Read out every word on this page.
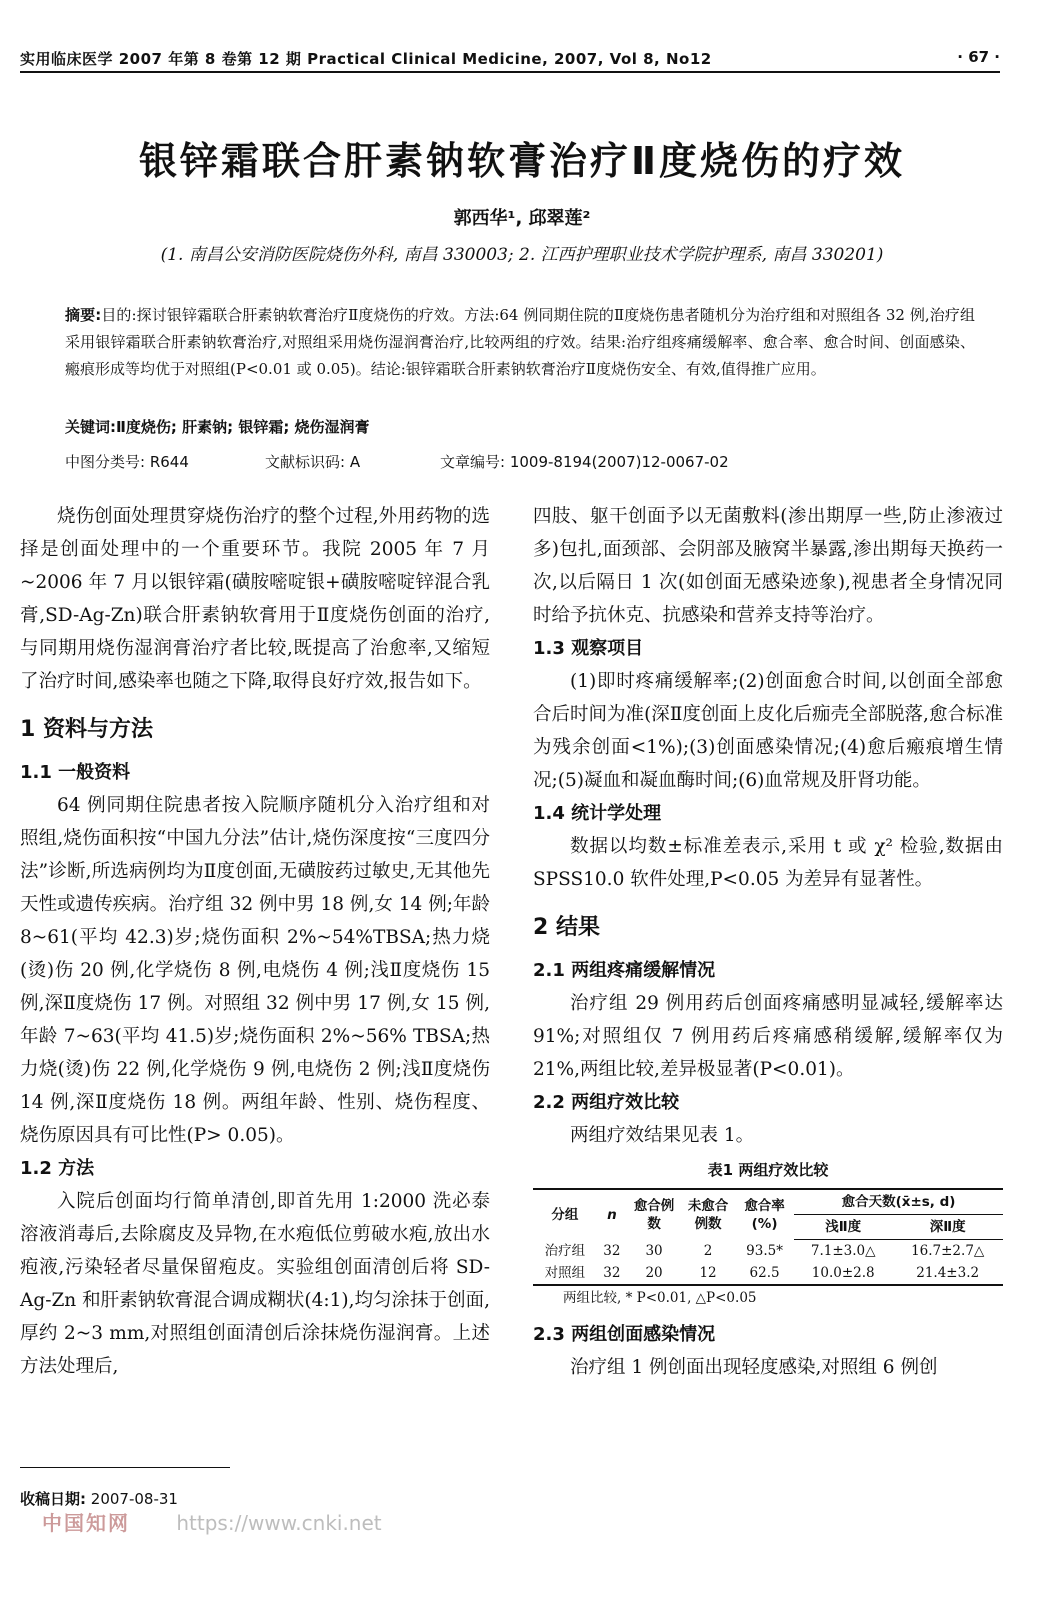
实用临床医学 2007 年第 8 卷第 12 期 Practical Clinical Medicine, 2007, Vol 8, No12	· 67 ·
银锌霜联合肝素钠软膏治疗Ⅱ度烧伤的疗效
郭西华¹, 邱翠莲²
(1. 南昌公安消防医院烧伤外科, 南昌 330003; 2. 江西护理职业技术学院护理系, 南昌 330201)
摘要:目的:探讨银锌霜联合肝素钠软膏治疗Ⅱ度烧伤的疗效。方法:64 例同期住院的Ⅱ度烧伤患者随机分为治疗组和对照组各 32 例,治疗组采用银锌霜联合肝素钠软膏治疗,对照组采用烧伤湿润膏治疗,比较两组的疗效。结果:治疗组疼痛缓解率、愈合率、愈合时间、创面感染、瘢痕形成等均优于对照组(P<0.01 或 0.05)。结论:银锌霜联合肝素钠软膏治疗Ⅱ度烧伤安全、有效,值得推广应用。
关键词:Ⅱ度烧伤; 肝素钠; 银锌霜; 烧伤湿润膏
中图分类号: R644	文献标识码: A	文章编号: 1009-8194(2007)12-0067-02

烧伤创面处理贯穿烧伤治疗的整个过程,外用药物的选择是创面处理中的一个重要环节。我院 2005 年 7 月~2006 年 7 月以银锌霜(磺胺嘧啶银+磺胺嘧啶锌混合乳膏,SD-Ag-Zn)联合肝素钠软膏用于Ⅱ度烧伤创面的治疗,与同期用烧伤湿润膏治疗者比较,既提高了治愈率,又缩短了治疗时间,感染率也随之下降,取得良好疗效,报告如下。

1 资料与方法
1.1 一般资料

64 例同期住院患者按入院顺序随机分入治疗组和对照组,烧伤面积按“中国九分法”估计,烧伤深度按“三度四分法”诊断,所选病例均为Ⅱ度创面,无磺胺药过敏史,无其他先天性或遗传疾病。治疗组 32 例中男 18 例,女 14 例;年龄 8~61(平均 42.3)岁;烧伤面积 2%~54%TBSA;热力烧(烫)伤 20 例,化学烧伤 8 例,电烧伤 4 例;浅Ⅱ度烧伤 15 例,深Ⅱ度烧伤 17 例。对照组 32 例中男 17 例,女 15 例,年龄 7~63(平均 41.5)岁;烧伤面积 2%~56% TBSA;热力烧(烫)伤 22 例,化学烧伤 9 例,电烧伤 2 例;浅Ⅱ度烧伤 14 例,深Ⅱ度烧伤 18 例。两组年龄、性别、烧伤程度、烧伤原因具有可比性(P> 0.05)。

1.2 方法

入院后创面均行简单清创,即首先用 1:2000 洗必泰溶液消毒后,去除腐皮及异物,在水疱低位剪破水疱,放出水疱液,污染轻者尽量保留疱皮。实验组创面清创后将 SD-Ag-Zn 和肝素钠软膏混合调成糊状(4:1),均匀涂抹于创面,厚约 2~3 mm,对照组创面清创后涂抹烧伤湿润膏。上述方法处理后,

四肢、躯干创面予以无菌敷料(渗出期厚一些,防止渗液过多)包扎,面颈部、会阴部及腋窝半暴露,渗出期每天换药一次,以后隔日 1 次(如创面无感染迹象),视患者全身情况同时给予抗休克、抗感染和营养支持等治疗。

1.3 观察项目

(1)即时疼痛缓解率;(2)创面愈合时间,以创面全部愈合后时间为准(深Ⅱ度创面上皮化后痂壳全部脱落,愈合标准为残余创面<1%);(3)创面感染情况;(4)愈后瘢痕增生情况;(5)凝血和凝血酶时间;(6)血常规及肝肾功能。

1.4 统计学处理

数据以均数±标准差表示,采用 t 或 χ² 检验,数据由 SPSS10.0 软件处理,P<0.05 为差异有显著性。

2 结果
2.1 两组疼痛缓解情况

治疗组 29 例用药后创面疼痛感明显减轻,缓解率达 91%;对照组仅 7 例用药后疼痛感稍缓解,缓解率仅为 21%,两组比较,差异极显著(P<0.01)。

2.2 两组疗效比较

两组疗效结果见表 1。

表1 两组疗效比较
分组	n	愈合例数	未愈合例数	愈合率(%)	愈合天数(x̄±s, d)	
					浅Ⅱ度	深Ⅱ度
治疗组	32	30	2	93.5*	7.1±3.0△	16.7±2.7△
对照组	32	20	12	62.5	10.0±2.8	21.4±3.2
两组比较, * P<0.01, △P<0.05
2.3 两组创面感染情况

治疗组 1 例创面出现轻度感染,对照组 6 例创

收稿日期: 2007-08-31
中国知网 https://www.cnki.net
